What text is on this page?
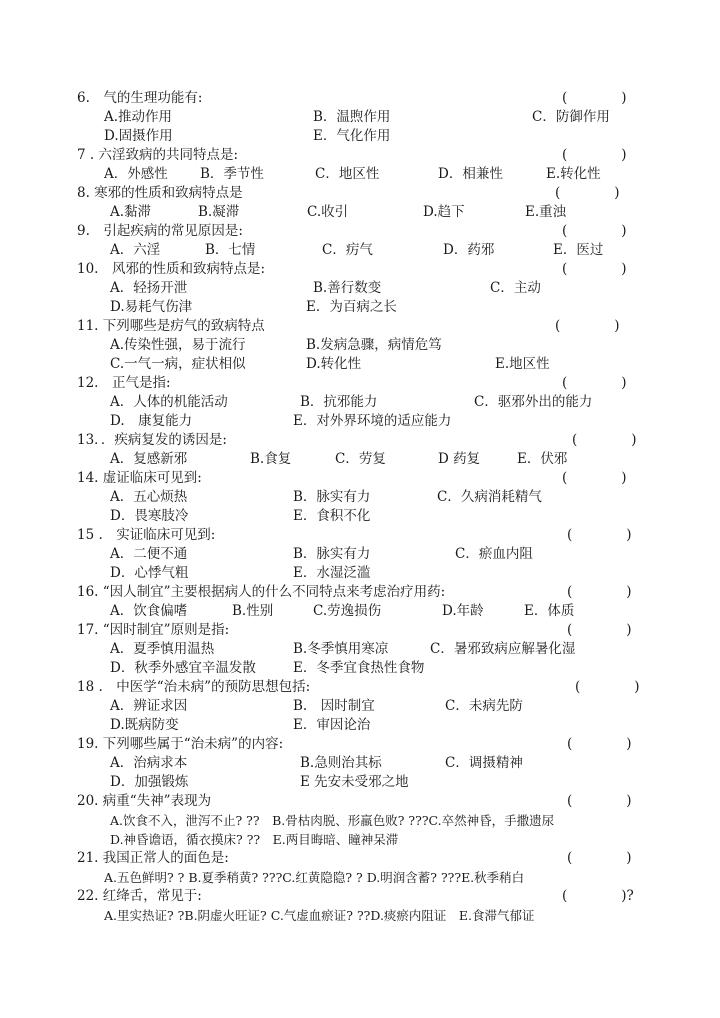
6.　气的生理功能有:	(　　　　)
A.推动作用	B．温煦作用	C．防御作用
D.固摄作用	E．气化作用
7 . 六淫致病的共同特点是:	(　　　　)
A．外感性 B．季节性	C．地区性	D．相兼性	E.转化性
8. 寒邪的性质和致病特点是	(　　　　)
A.黏滞	B.凝滞	C.收引	D.趋下	E.重浊
9.　引起疾病的常见原因是:	(　　　　)
A．六淫	B．七情	C．疠气	D．药邪	E．医过
10.　风邪的性质和致病特点是:	(　　　　)
A．轻扬开泄	B.善行数变	C．主动
D.易耗气伤津	E．为百病之长
11. 下列哪些是疠气的致病特点	(　　　　)
A.传染性强，易于流行	B.发病急骤，病情危笃
C.一气一病，症状相似	D.转化性	E.地区性
12.　正气是指:	(　　　　)
A．人体的机能活动	B．抗邪能力	C．驱邪外出的能力
D.　康复能力	E．对外界环境的适应能力
13．．疾病复发的诱因是:	(　　　　)
A．复感新邪	B.食复	C．劳复	D 药复	E．伏邪
14. 虚证临床可见到:	(　　　　)
A．五心烦热	B．脉实有力	C．久病消耗精气
D．畏寒肢冷	E．食积不化
15 .　实证临床可见到:	(　　　　)
A．二便不通	B．脉实有力	C．瘀血内阻
D．心悸气粗	E．水湿泛滥
16. “因人制宜”主要根据病人的什么不同特点来考虑治疗用药:	(　　　　)
A．饮食偏嗜	B.性别	C.劳逸损伤	D.年龄	E．体质
17. “因时制宜”原则是指:	(　　　　)
A．夏季慎用温热	B.冬季慎用寒凉	C．暑邪致病应解暑化湿
D．秋季外感宜辛温发散	E．冬季宜食热性食物
18 .　中医学“治未病”的预防思想包括:	(　　　　)
A．辨证求因	B.　因时制宜	C．未病先防
D.既病防变	E．审因论治
19. 下列哪些属于“治未病”的内容:	(　　　　)
A．治病求本	B.急则治其标	C．调摄精神
D．加强锻炼	E 先安未受邪之地
20. 病重“失神”表现为	(　　　　)
A.饮食不入，泄泻不止? ??　B.骨枯肉脱、形羸色败? ???C.卒然神昏，手撒遗尿
D.神昏谵语，循衣摸床? ??　E.两目晦暗、瞳神呆滞
21. 我国正常人的面色是:	(　　　　)
A.五色鲜明? ? B.夏季稍黄? ???C.红黄隐隐? ? D.明润含蓄? ???E.秋季稍白
22. 红绛舌，常见于:	(　　　　)?
A.里实热证? ?B.阴虚火旺证? C.气虚血瘀证? ??D.痰瘀内阻证　E.食滞气郁证
